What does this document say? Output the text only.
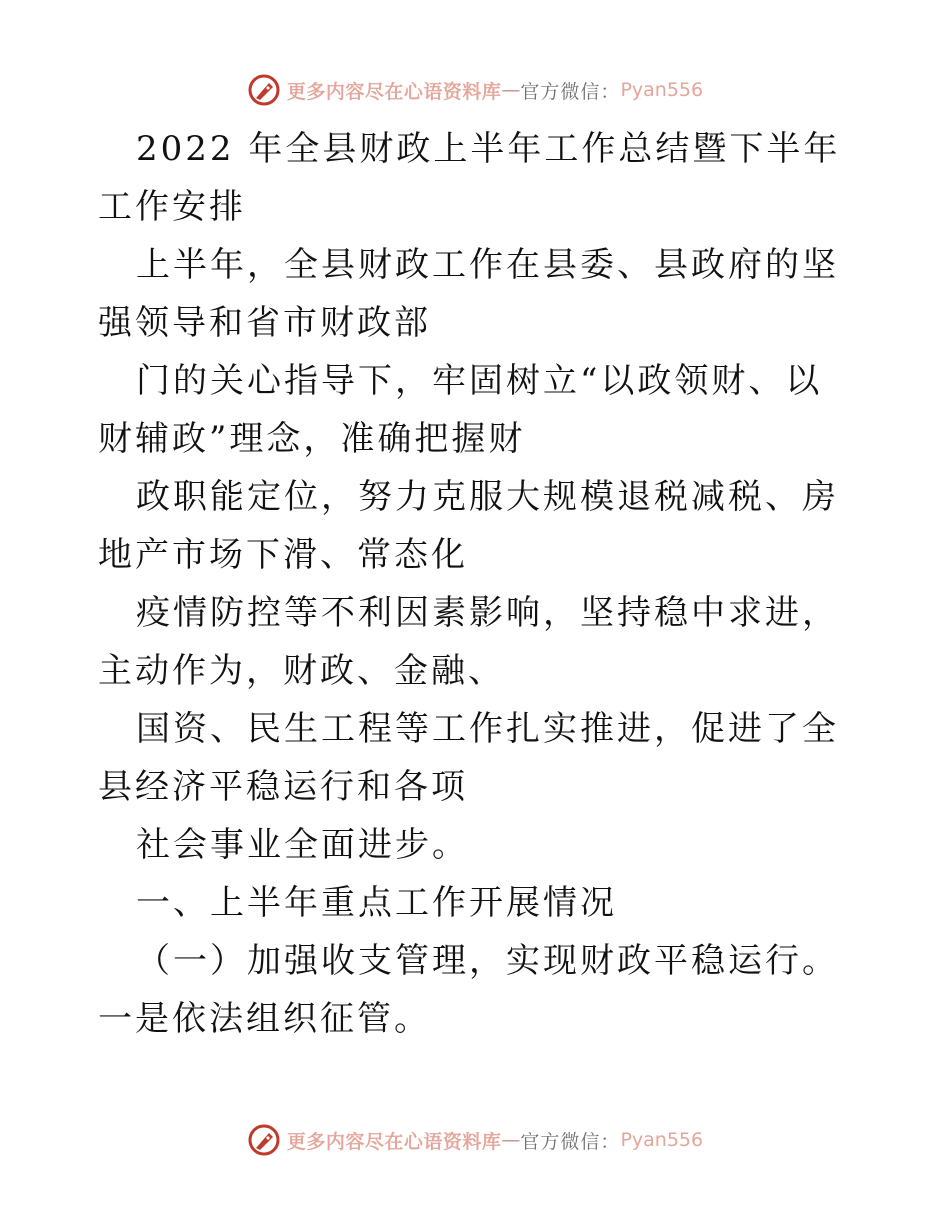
更多内容尽在心语资料库 — 官方微信： Pyan556

2022 年全县财政上半年工作总结暨下半年工作安排

上半年，全县财政工作在县委、县政府的坚强领导和省市财政部

门的关心指导下，牢固树立“以政领财、以财辅政”理念，准确把握财

政职能定位，努力克服大规模退税减税、房地产市场下滑、常态化

疫情防控等不利因素影响，坚持稳中求进，主动作为，财政、金融、

国资、民生工程等工作扎实推进，促进了全县经济平稳运行和各项

社会事业全面进步。

一、上半年重点工作开展情况

（一）加强收支管理，实现财政平稳运行。一是依法组织征管。

更多内容尽在心语资料库 — 官方微信： Pyan556
